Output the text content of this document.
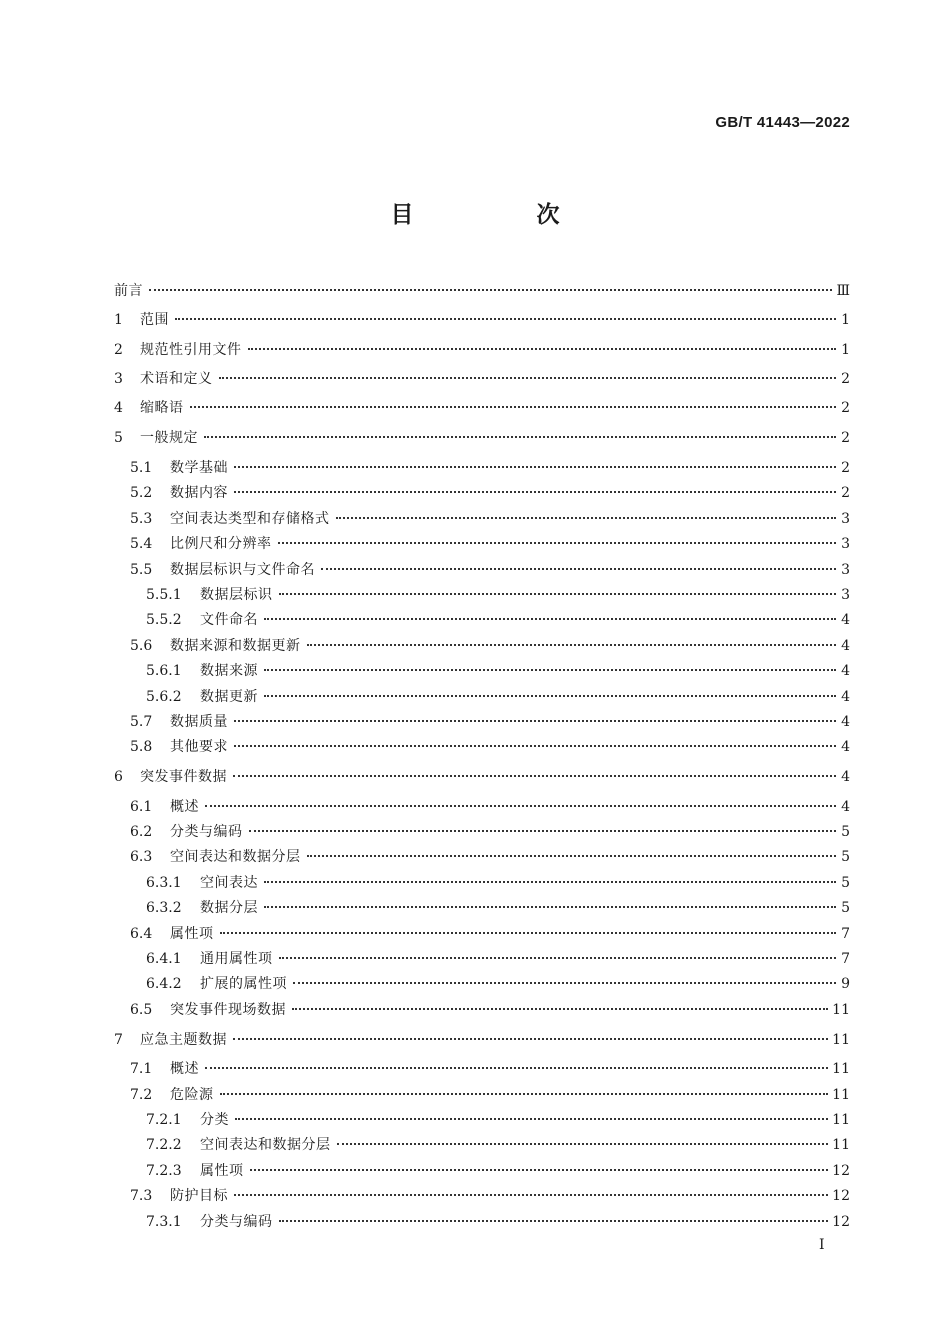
GB/T 41443—2022
目　次
前言	Ⅲ
1	范围	1
2	规范性引用文件	1
3	术语和定义	2
4	缩略语	2
5	一般规定	2
5.1	数学基础	2
5.2	数据内容	2
5.3	空间表达类型和存储格式	3
5.4	比例尺和分辨率	3
5.5	数据层标识与文件命名	3
5.5.1	数据层标识	3
5.5.2	文件命名	4
5.6	数据来源和数据更新	4
5.6.1	数据来源	4
5.6.2	数据更新	4
5.7	数据质量	4
5.8	其他要求	4
6	突发事件数据	4
6.1	概述	4
6.2	分类与编码	5
6.3	空间表达和数据分层	5
6.3.1	空间表达	5
6.3.2	数据分层	5
6.4	属性项	7
6.4.1	通用属性项	7
6.4.2	扩展的属性项	9
6.5	突发事件现场数据	11
7	应急主题数据	11
7.1	概述	11
7.2	危险源	11
7.2.1	分类	11
7.2.2	空间表达和数据分层	11
7.2.3	属性项	12
7.3	防护目标	12
7.3.1	分类与编码	12
I
